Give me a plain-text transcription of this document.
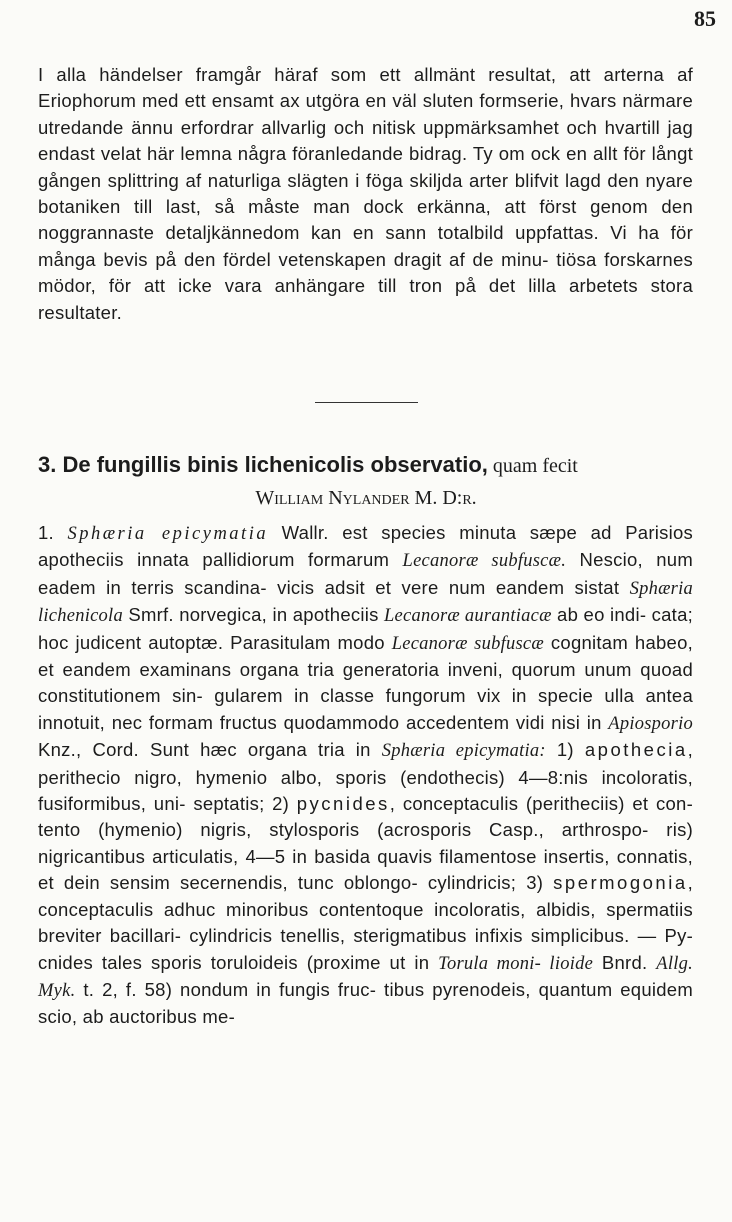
85

I alla händelser framgår häraf som ett allmänt resultat, att arterna af Eriophorum med ett ensamt ax utgöra en väl sluten formserie, hvars närmare utredande ännu erfordrar allvarlig och nitisk uppmärksamhet och hvartill jag endast velat här lemna några föranledande bidrag. Ty om ock en allt för långt gången splittring af naturliga slägten i föga skiljda arter blifvit lagd den nyare botaniken till last, så måste man dock erkänna, att först genom den noggrannaste detaljkännedom kan en sann totalbild uppfattas. Vi ha för många bevis på den fördel vetenskapen dragit af de minu- tiösa forskarnes mödor, för att icke vara anhängare till tron på det lilla arbetets stora resultater.

3. De fungillis binis lichenicolis observatio, quam fecit
William Nylander M. D:r.

1. Sphæria epicymatia Wallr. est species minuta sæpe ad Parisios apotheciis innata pallidiorum formarum Lecanoræ subfuscæ. Nescio, num eadem in terris scandina- vicis adsit et vere num eandem sistat Sphæria lichenicola Smrf. norvegica, in apotheciis Lecanoræ aurantiacæ ab eo indi- cata; hoc judicent autoptæ. Parasitulam modo Lecanoræ subfuscæ cognitam habeo, et eandem examinans organa tria generatoria inveni, quorum unum quoad constitutionem sin- gularem in classe fungorum vix in specie ulla antea innotuit, nec formam fructus quodammodo accedentem vidi nisi in Apiosporio Knz., Cord. Sunt hæc organa tria in Sphæria epicymatia: 1) apothecia, perithecio nigro, hymenio albo, sporis (endothecis) 4—8:nis incoloratis, fusiformibus, uni- septatis; 2) pycnides, conceptaculis (peritheciis) et con- tento (hymenio) nigris, stylosporis (acrosporis Casp., arthrospo- ris) nigricantibus articulatis, 4—5 in basida quavis filamentose insertis, connatis, et dein sensim secernendis, tunc oblongo- cylindricis; 3) spermogonia, conceptaculis adhuc minoribus contentoque incoloratis, albidis, spermatiis breviter bacillari- cylindricis tenellis, sterigmatibus infixis simplicibus. — Py- cnides tales sporis toruloideis (proxime ut in Torula moni- lioide Bnrd. Allg. Myk. t. 2, f. 58) nondum in fungis fruc- tibus pyrenodeis, quantum equidem scio, ab auctoribus me-
